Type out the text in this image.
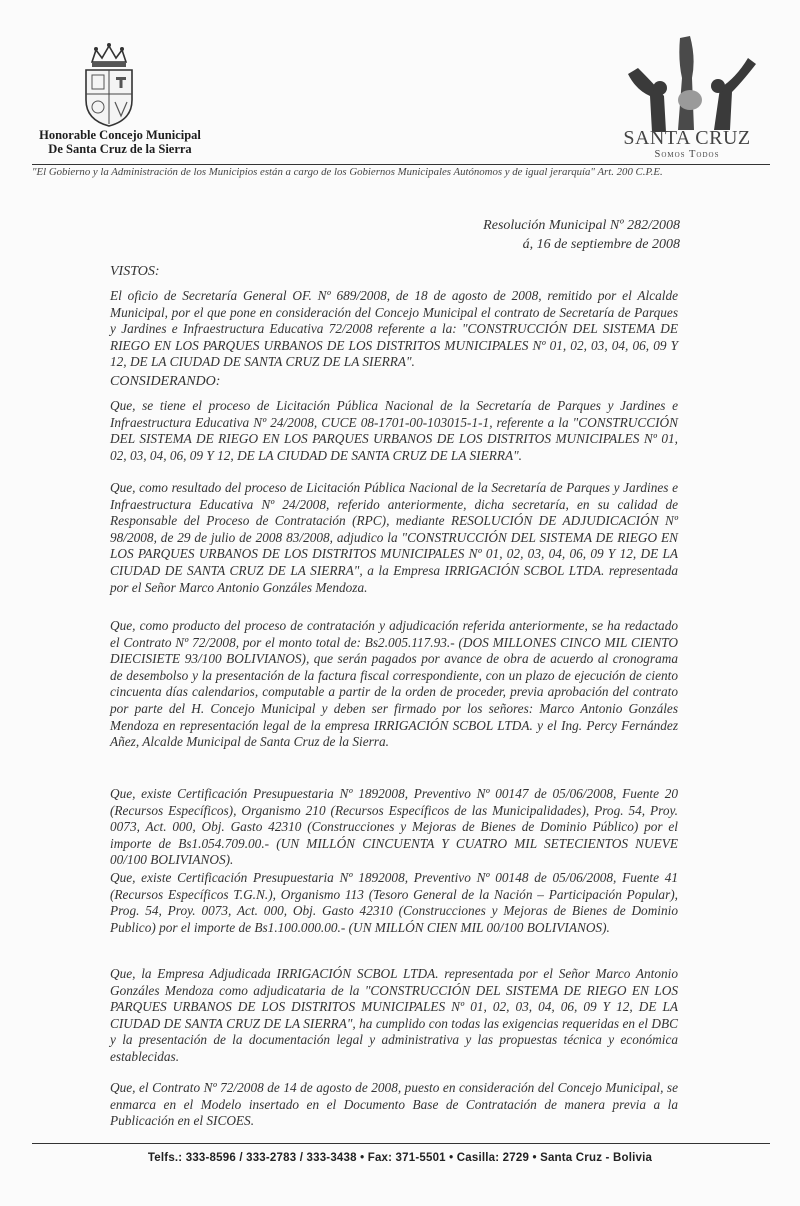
Honorable Concejo Municipal
De Santa Cruz de la Sierra	SANTA CRUZ
Somos Todos
"El Gobierno y la Administración de los Municipios están a cargo de los Gobiernos Municipales Autónomos y de igual jerarquía" Art. 200 C.P.E.
Resolución Municipal Nº 282/2008
á, 16 de septiembre de 2008
VISTOS:

El oficio de Secretaría General OF. Nº 689/2008, de 18 de agosto de 2008, remitido por el Alcalde Municipal, por el que pone en consideración del Concejo Municipal el contrato de Secretaría de Parques y Jardines e Infraestructura Educativa 72/2008 referente a la: "CONSTRUCCIÓN DEL SISTEMA DE RIEGO EN LOS PARQUES URBANOS DE LOS DISTRITOS MUNICIPALES Nº 01, 02, 03, 04, 06, 09 Y 12, DE LA CIUDAD DE SANTA CRUZ DE LA SIERRA".

CONSIDERANDO:

Que, se tiene el proceso de Licitación Pública Nacional de la Secretaría de Parques y Jardines e Infraestructura Educativa Nº 24/2008, CUCE 08-1701-00-103015-1-1, referente a la "CONSTRUCCIÓN DEL SISTEMA DE RIEGO EN LOS PARQUES URBANOS DE LOS DISTRITOS MUNICIPALES Nº 01, 02, 03, 04, 06, 09 Y 12, DE LA CIUDAD DE SANTA CRUZ DE LA SIERRA".

Que, como resultado del proceso de Licitación Pública Nacional de la Secretaría de Parques y Jardines e Infraestructura Educativa Nº 24/2008, referido anteriormente, dicha secretaría, en su calidad de Responsable del Proceso de Contratación (RPC), mediante RESOLUCIÓN DE ADJUDICACIÓN Nº 98/2008, de 29 de julio de 2008 83/2008, adjudico la "CONSTRUCCIÓN DEL SISTEMA DE RIEGO EN LOS PARQUES URBANOS DE LOS DISTRITOS MUNICIPALES Nº 01, 02, 03, 04, 06, 09 Y 12, DE LA CIUDAD DE SANTA CRUZ DE LA SIERRA", a la Empresa IRRIGACIÓN SCBOL LTDA. representada por el Señor Marco Antonio Gonzáles Mendoza.

Que, como producto del proceso de contratación y adjudicación referida anteriormente, se ha redactado el Contrato Nº 72/2008, por el monto total de: Bs2.005.117.93.- (DOS MILLONES CINCO MIL CIENTO DIECISIETE 93/100 BOLIVIANOS), que serán pagados por avance de obra de acuerdo al cronograma de desembolso y la presentación de la factura fiscal correspondiente, con un plazo de ejecución de ciento cincuenta días calendarios, computable a partir de la orden de proceder, previa aprobación del contrato por parte del H. Concejo Municipal y deben ser firmado por los señores: Marco Antonio Gonzáles Mendoza en representación legal de la empresa IRRIGACIÓN SCBOL LTDA. y el Ing. Percy Fernández Añez, Alcalde Municipal de Santa Cruz de la Sierra.

Que, existe Certificación Presupuestaria Nº 1892008, Preventivo Nº 00147 de 05/06/2008, Fuente 20 (Recursos Específicos), Organismo 210 (Recursos Específicos de las Municipalidades), Prog. 54, Proy. 0073, Act. 000, Obj. Gasto 42310 (Construcciones y Mejoras de Bienes de Dominio Público) por el importe de Bs1.054.709.00.- (UN MILLÓN CINCUENTA Y CUATRO MIL SETECIENTOS NUEVE 00/100 BOLIVIANOS).

Que, existe Certificación Presupuestaria Nº 1892008, Preventivo Nº 00148 de 05/06/2008, Fuente 41 (Recursos Específicos T.G.N.), Organismo 113 (Tesoro General de la Nación – Participación Popular), Prog. 54, Proy. 0073, Act. 000, Obj. Gasto 42310 (Construcciones y Mejoras de Bienes de Dominio Publico) por el importe de Bs1.100.000.00.- (UN MILLÓN CIEN MIL 00/100 BOLIVIANOS).

Que, la Empresa Adjudicada IRRIGACIÓN SCBOL LTDA. representada por el Señor Marco Antonio Gonzáles Mendoza como adjudicataria de la "CONSTRUCCIÓN DEL SISTEMA DE RIEGO EN LOS PARQUES URBANOS DE LOS DISTRITOS MUNICIPALES Nº 01, 02, 03, 04, 06, 09 Y 12, DE LA CIUDAD DE SANTA CRUZ DE LA SIERRA", ha cumplido con todas las exigencias requeridas en el DBC y la presentación de la documentación legal y administrativa y las propuestas técnica y económica establecidas.

Que, el Contrato Nº 72/2008 de 14 de agosto de 2008, puesto en consideración del Concejo Municipal, se enmarca en el Modelo insertado en el Documento Base de Contratación de manera previa a la Publicación en el SICOES.

Telfs.: 333-8596 / 333-2783 / 333-3438 • Fax: 371-5501 • Casilla: 2729 • Santa Cruz - Bolivia
